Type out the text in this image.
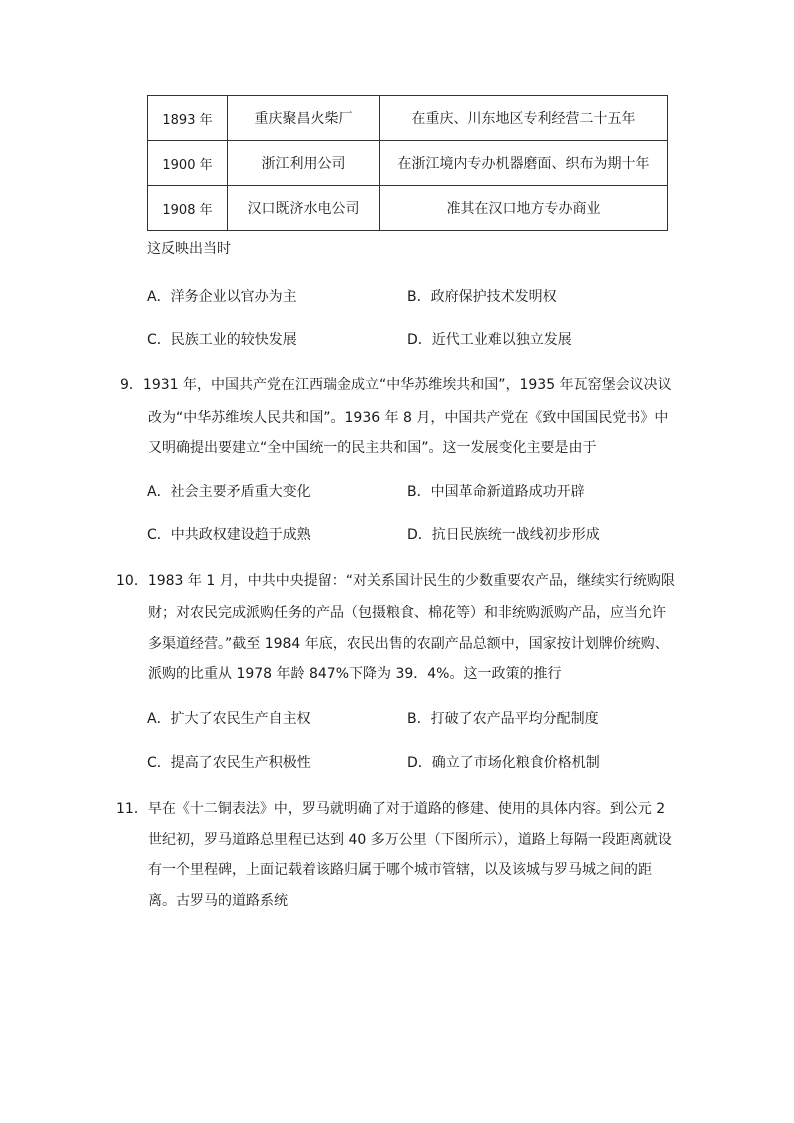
1893 年	重庆聚昌火柴厂	在重庆、川东地区专利经营二十五年
1900 年	浙江利用公司	在浙江境内专办机器磨面、织布为期十年
1908 年	汉口既济水电公司	准其在汉口地方专办商业
这反映出当时
A．洋务企业以官办为主	B．政府保护技术发明权
C．民族工业的较快发展	D．近代工业难以独立发展
9．1931 年，中国共产党在江西瑞金成立“中华苏维埃共和国”，1935 年瓦窑堡会议决议
改为“中华苏维埃人民共和国”。1936 年 8 月，中国共产党在《致中国国民党书》中
又明确提出要建立“全中国统一的民主共和国”。这一发展变化主要是由于
A．社会主要矛盾重大变化	B．中国革命新道路成功开辟
C．中共政权建设趋于成熟	D．抗日民族统一战线初步形成
10．1983 年 1 月，中共中央提留：“对关系国计民生的少数重要农产品，继续实行统购限
财；对农民完成派购任务的产品（包摄粮食、棉花等）和非统购派购产品，应当允许
多渠道经营。”截至 1984 年底，农民出售的农副产品总额中，国家按计划牌价统购、
派购的比重从 1978 年龄 847%下降为 39．4%。这一政策的推行
A．扩大了农民生产自主权	B．打破了农产品平均分配制度
C．提高了农民生产积极性	D．确立了市场化粮食价格机制
11．早在《十二铜表法》中，罗马就明确了对于道路的修建、使用的具体内容。到公元 2
世纪初，罗马道路总里程已达到 40 多万公里（下图所示），道路上每隔一段距离就设
有一个里程碑，上面记载着该路归属于哪个城市管辖，以及该城与罗马城之间的距
离。古罗马的道路系统
